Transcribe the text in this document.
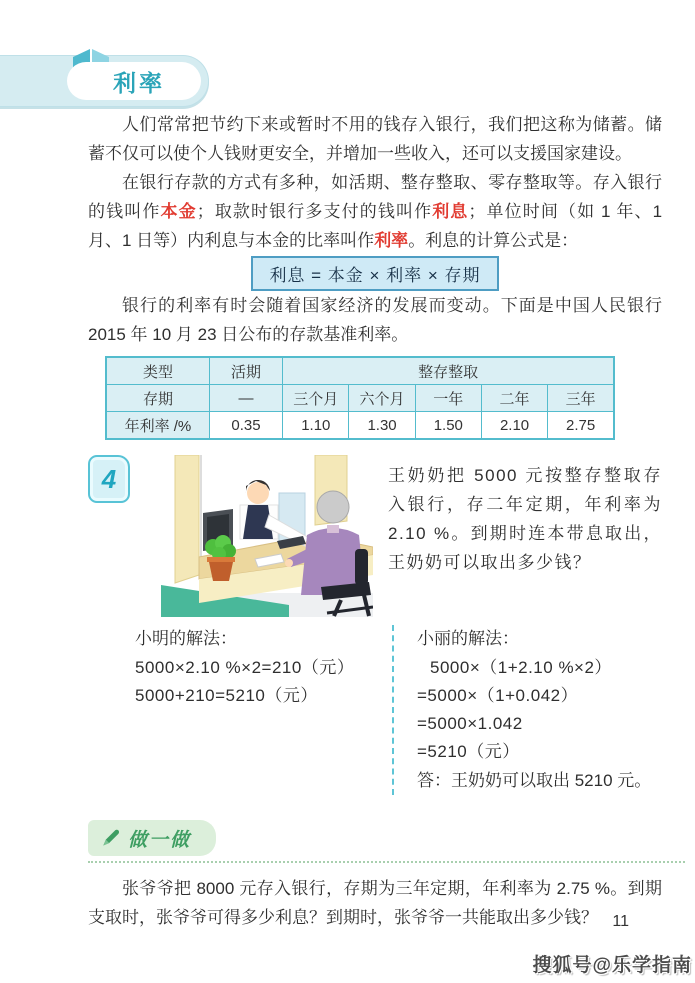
利率

人们常常把节约下来或暂时不用的钱存入银行，我们把这称为储蓄。储蓄不仅可以使个人钱财更安全，并增加一些收入，还可以支援国家建设。

在银行存款的方式有多种，如活期、整存整取、零存整取等。存入银行的钱叫作本金；取款时银行多支付的钱叫作利息；单位时间（如 1 年、1 月、1 日等）内利息与本金的比率叫作利率。利息的计算公式是：

利息 = 本金 × 利率 × 存期

银行的利率有时会随着国家经济的发展而变动。下面是中国人民银行 2015 年 10 月 23 日公布的存款基准利率。

类型	活期	整存整取				
存期	—	三个月	六个月	一年	二年	三年
年利率 /%	0.35	1.10	1.30	1.50	2.10	2.75
4	王奶奶把 5000 元按整存整取存入银行，存二年定期，年利率为 2.10 %。到期时连本带息取出，王奶奶可以取出多少钱？

小明的解法：
5000×2.10 %×2=210（元）
5000+210=5210（元）
小丽的解法：
5000×（1+2.10 %×2）
=5000×（1+0.042）
=5000×1.042
=5210（元）
答：王奶奶可以取出 5210 元。
做一做

张爷爷把 8000 元存入银行，存期为三年定期，年利率为 2.75 %。到期支取时，张爷爷可得多少利息？到期时，张爷爷一共能取出多少钱？ 11
搜狐号@乐学指南
